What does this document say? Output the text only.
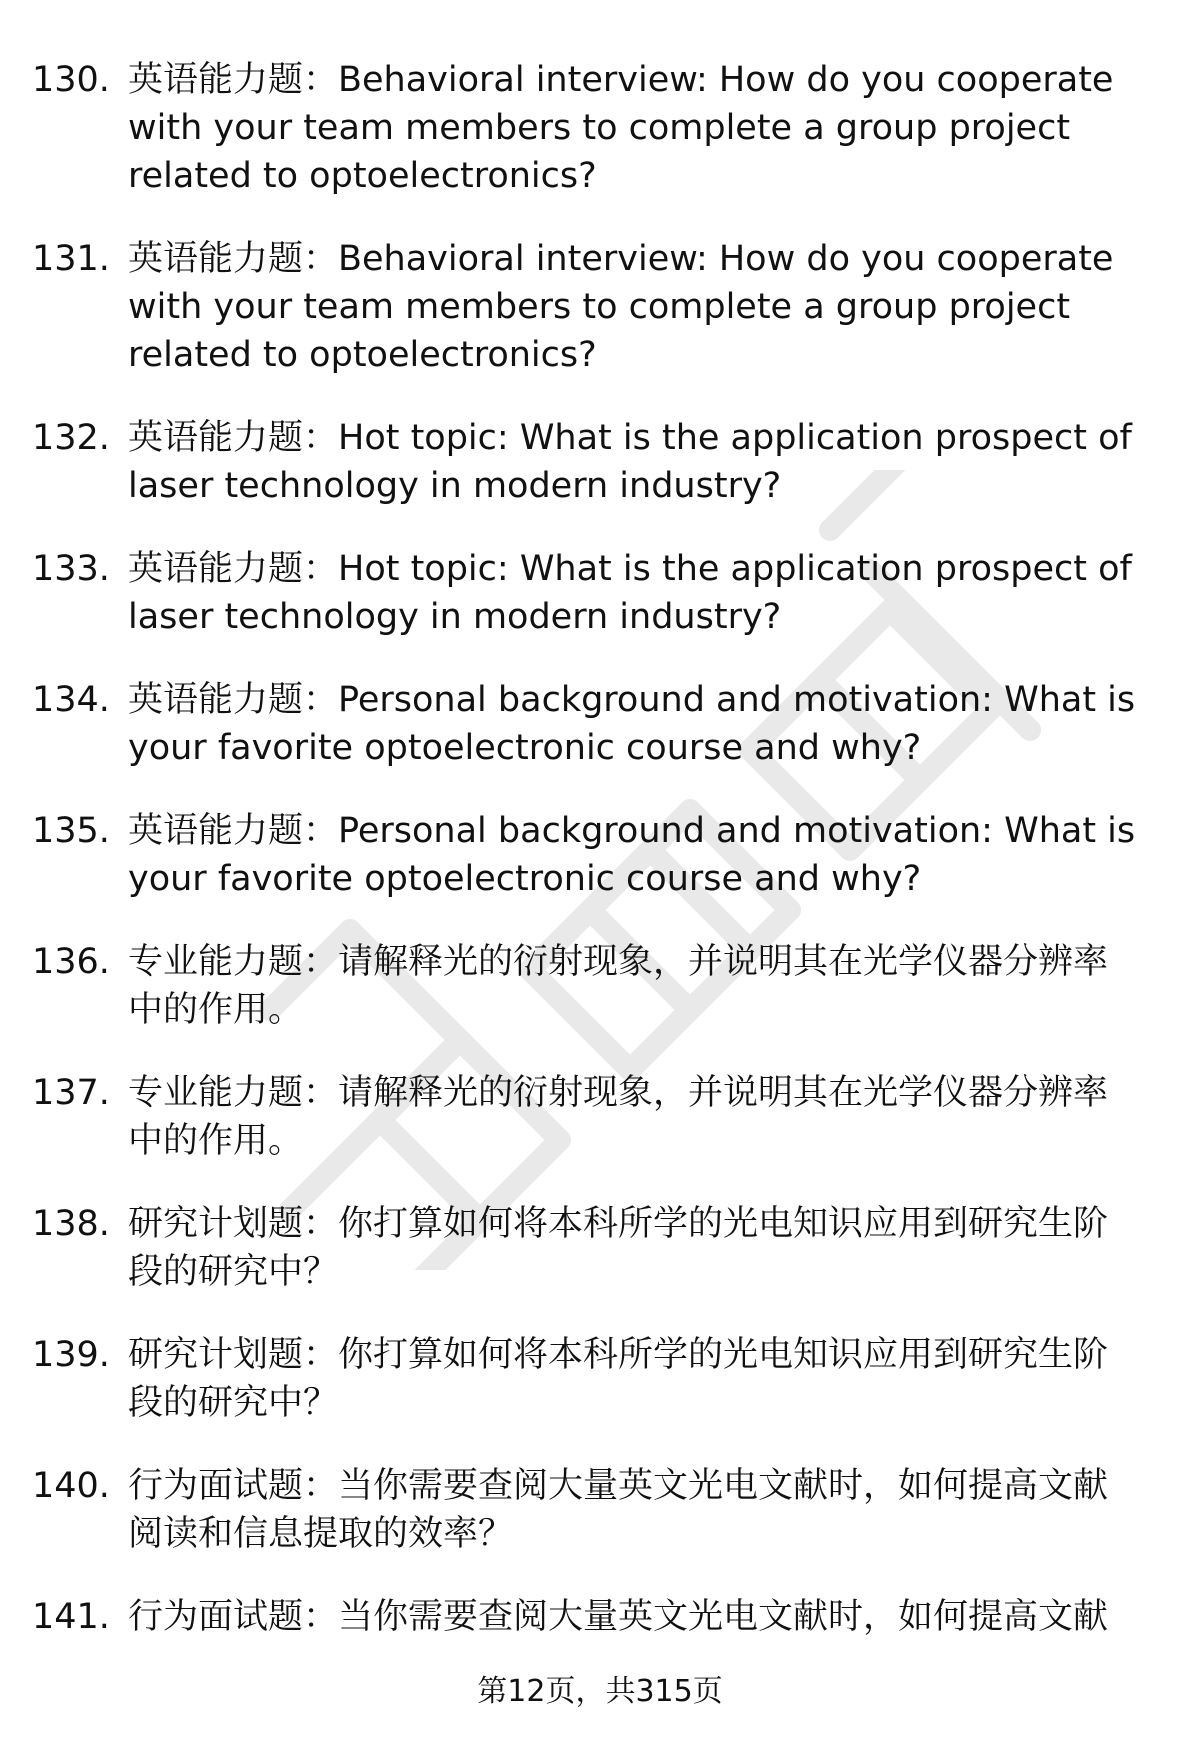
130. 英语能力题：Behavioral interview: How do you cooperate with your team members to complete a group project related to optoelectronics?
131. 英语能力题：Behavioral interview: How do you cooperate with your team members to complete a group project related to optoelectronics?
132. 英语能力题：Hot topic: What is the application prospect of laser technology in modern industry?
133. 英语能力题：Hot topic: What is the application prospect of laser technology in modern industry?
134. 英语能力题：Personal background and motivation: What is your favorite optoelectronic course and why?
135. 英语能力题：Personal background and motivation: What is your favorite optoelectronic course and why?
136. 专业能力题：请解释光的衍射现象，并说明其在光学仪器分辨率中的作用。
137. 专业能力题：请解释光的衍射现象，并说明其在光学仪器分辨率中的作用。
138. 研究计划题：你打算如何将本科所学的光电知识应用到研究生阶段的研究中？
139. 研究计划题：你打算如何将本科所学的光电知识应用到研究生阶段的研究中？
140. 行为面试题：当你需要查阅大量英文光电文献时，如何提高文献阅读和信息提取的效率？
141. 行为面试题：当你需要查阅大量英文光电文献时，如何提高文献
第12页，共315页
